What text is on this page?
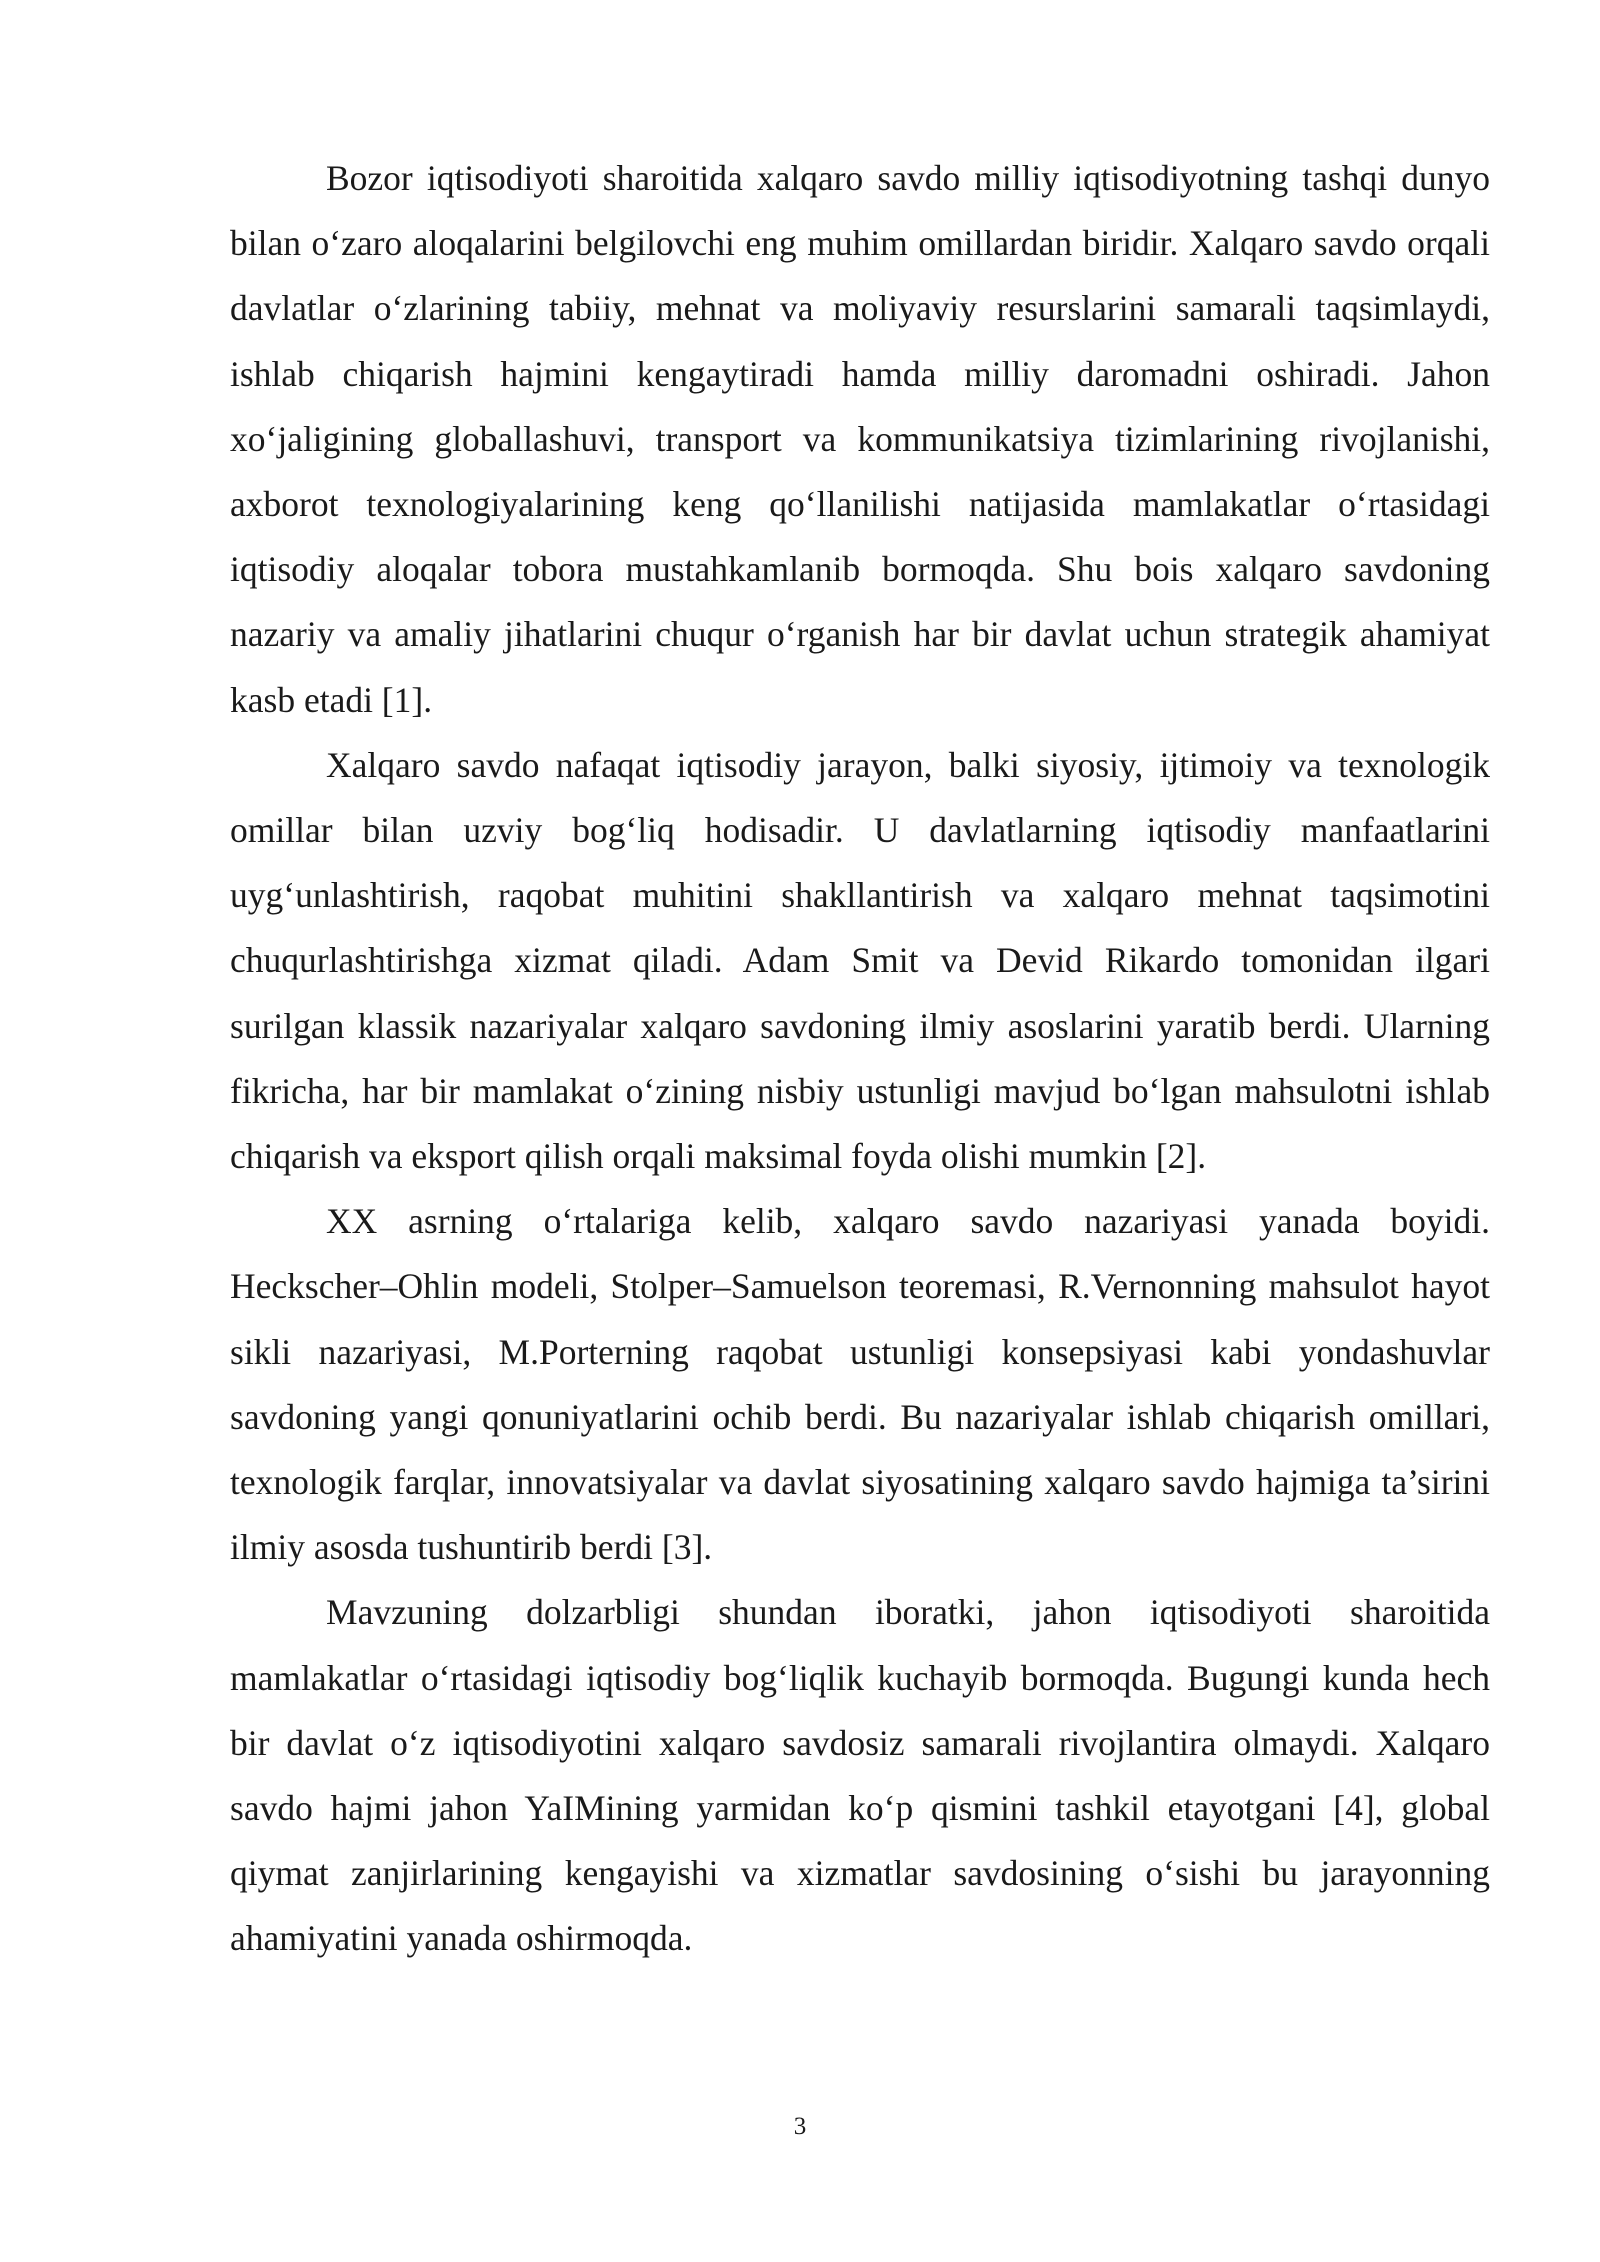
Bozor iqtisodiyoti sharoitida xalqaro savdo milliy iqtisodiyotning tashqi dunyo bilan o‘zaro aloqalarini belgilovchi eng muhim omillardan biridir. Xalqaro savdo orqali davlatlar o‘zlarining tabiiy, mehnat va moliyaviy resurslarini samarali taqsimlaydi, ishlab chiqarish hajmini kengaytiradi hamda milliy daromadni oshiradi. Jahon xo‘jaligining globallashuvi, transport va kommunikatsiya tizimlarining rivojlanishi, axborot texnologiyalarining keng qo‘llanilishi natijasida mamlakatlar o‘rtasidagi iqtisodiy aloqalar tobora mustahkamlanib bormoqda. Shu bois xalqaro savdoning nazariy va amaliy jihatlarini chuqur o‘rganish har bir davlat uchun strategik ahamiyat kasb etadi [1].

Xalqaro savdo nafaqat iqtisodiy jarayon, balki siyosiy, ijtimoiy va texnologik omillar bilan uzviy bog‘liq hodisadir. U davlatlarning iqtisodiy manfaatlarini uyg‘unlashtirish, raqobat muhitini shakllantirish va xalqaro mehnat taqsimotini chuqurlashtirishga xizmat qiladi. Adam Smit va Devid Rikardo tomonidan ilgari surilgan klassik nazariyalar xalqaro savdoning ilmiy asoslarini yaratib berdi. Ularning fikricha, har bir mamlakat o‘zining nisbiy ustunligi mavjud bo‘lgan mahsulotni ishlab chiqarish va eksport qilish orqali maksimal foyda olishi mumkin [2].

XX asrning o‘rtalariga kelib, xalqaro savdo nazariyasi yanada boyidi. Heckscher–Ohlin modeli, Stolper–Samuelson teoremasi, R.Vernonning mahsulot hayot sikli nazariyasi, M.Porterning raqobat ustunligi konsepsiyasi kabi yondashuvlar savdoning yangi qonuniyatlarini ochib berdi. Bu nazariyalar ishlab chiqarish omillari, texnologik farqlar, innovatsiyalar va davlat siyosatining xalqaro savdo hajmiga ta’sirini ilmiy asosda tushuntirib berdi [3].

Mavzuning dolzarbligi shundan iboratki, jahon iqtisodiyoti sharoitida mamlakatlar o‘rtasidagi iqtisodiy bog‘liqlik kuchayib bormoqda. Bugungi kunda hech bir davlat o‘z iqtisodiyotini xalqaro savdosiz samarali rivojlantira olmaydi. Xalqaro savdo hajmi jahon YaIMining yarmidan ko‘p qismini tashkil etayotgani [4], global qiymat zanjirlarining kengayishi va xizmatlar savdosining o‘sishi bu jarayonning ahamiyatini yanada oshirmoqda.

3
